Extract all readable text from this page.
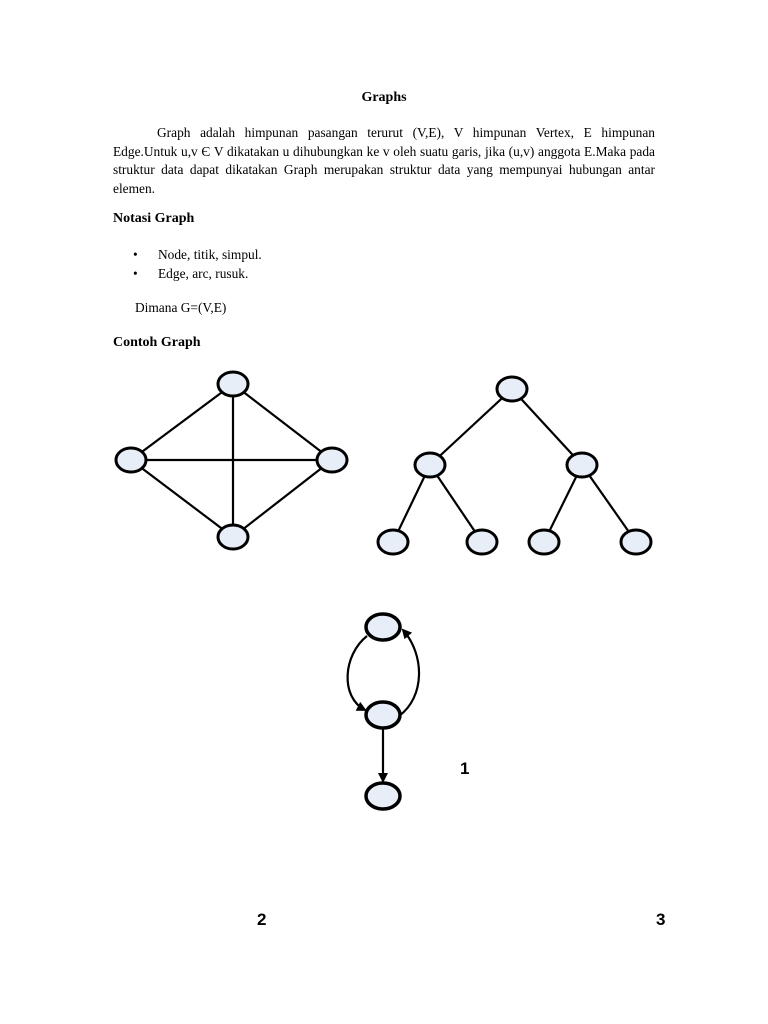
Graphs

Graph adalah himpunan pasangan terurut (V,E), V himpunan Vertex, E himpunan Edge.Untuk u,v Є V dikatakan u dihubungkan ke v oleh suatu garis, jika (u,v) anggota E.Maka pada struktur data dapat dikatakan Graph merupakan struktur data yang mempunyai hubungan antar elemen.

Notasi Graph
• Node, titik, simpul.
• Edge, arc, rusuk.

Dimana G=(V,E)

Contoh Graph

1

2	3
